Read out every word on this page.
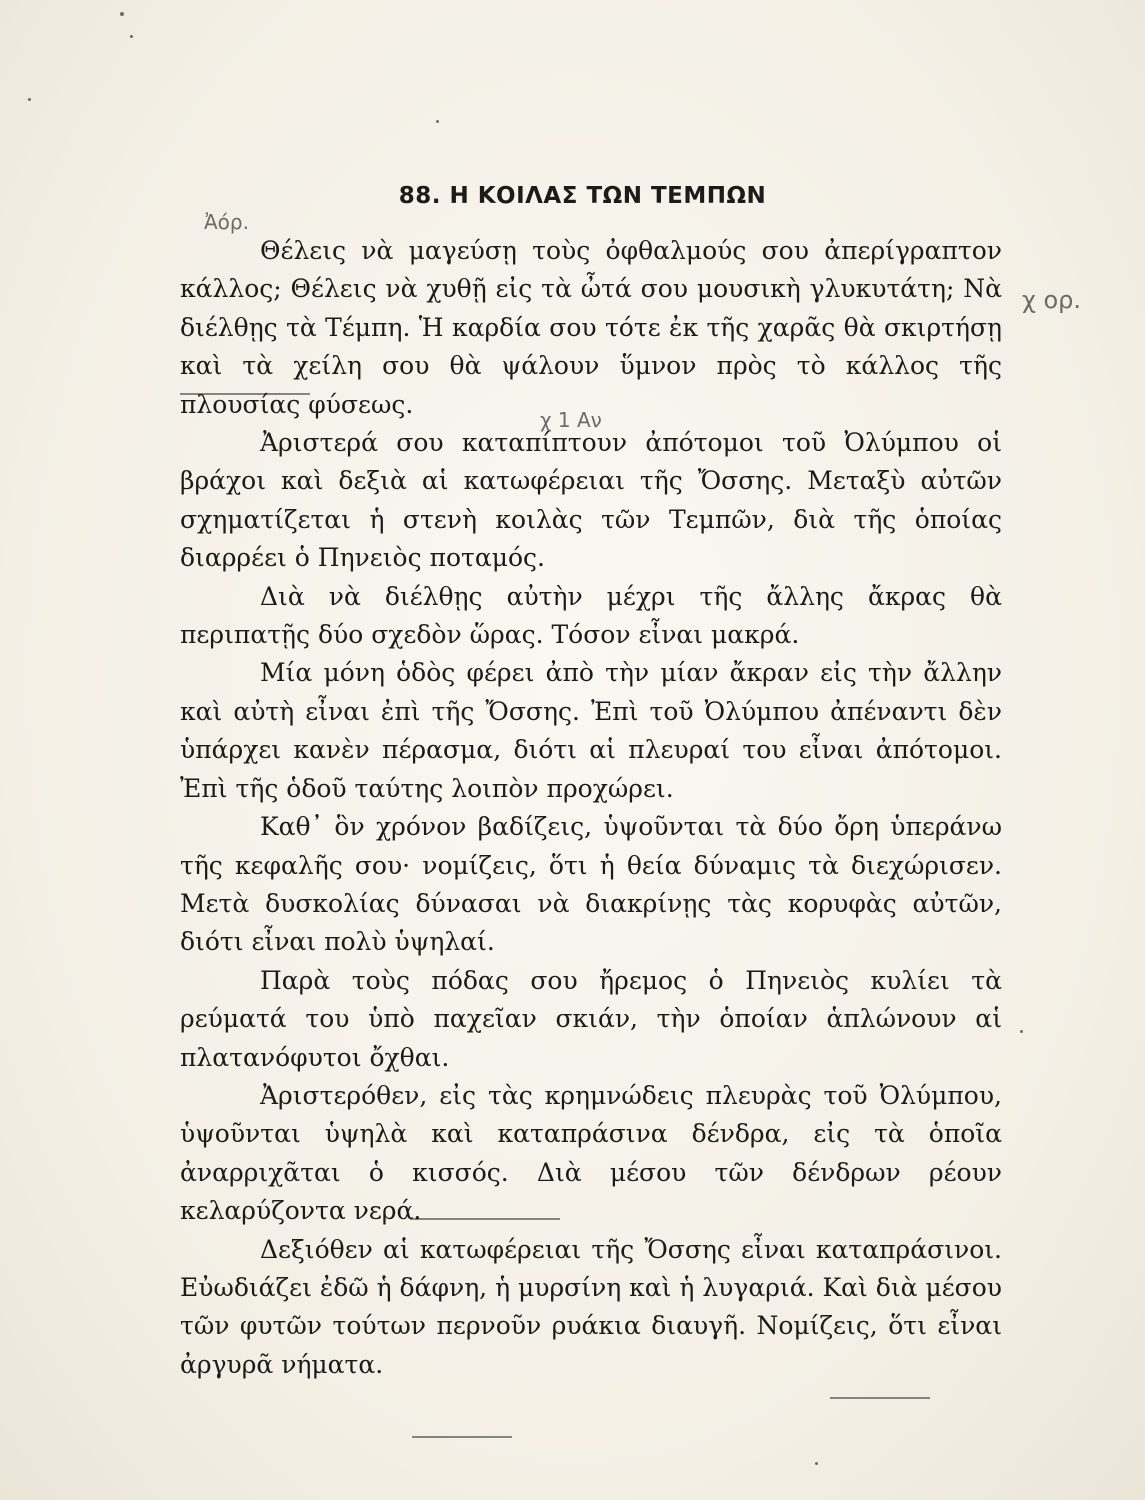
Ἀόρ.
χ ορ.
χ 1 Αν
88. Η ΚΟΙΛΑΣ ΤΩΝ ΤΕΜΠΩΝ

Θέλεις νὰ μαγεύσῃ τοὺς ὀφθαλμούς σου ἀπερίγραπτον κάλλος; Θέλεις νὰ χυθῇ εἰς τὰ ὦτά σου μουσικὴ γλυκυτάτη; Νὰ διέλθῃς τὰ Τέμπη. Ἡ καρδία σου τότε ἐκ τῆς χαρᾶς θὰ σκιρτήσῃ καὶ τὰ χείλη σου θὰ ψάλουν ὕμνον πρὸς τὸ κάλλος τῆς πλουσίας φύσεως.

Ἀριστερά σου καταπίπτουν ἀπότομοι τοῦ Ὀλύμπου οἱ βράχοι καὶ δεξιὰ αἱ κατωφέρειαι τῆς Ὄσσης. Μεταξὺ αὐτῶν σχηματίζεται ἡ στενὴ κοιλὰς τῶν Τεμπῶν, διὰ τῆς ὁποίας διαρρέει ὁ Πηνειὸς ποταμός.

Διὰ νὰ διέλθῃς αὐτὴν μέχρι τῆς ἄλλης ἄκρας θὰ περιπατῇς δύο σχεδὸν ὥρας. Τόσον εἶναι μακρά.

Μία μόνη ὁδὸς φέρει ἀπὸ τὴν μίαν ἄκραν εἰς τὴν ἄλλην καὶ αὐτὴ εἶναι ἐπὶ τῆς Ὄσσης. Ἐπὶ τοῦ Ὀλύμπου ἀπέναντι δὲν ὑπάρχει κανὲν πέρασμα, διότι αἱ πλευραί του εἶναι ἀπότομοι. Ἐπὶ τῆς ὁδοῦ ταύτης λοιπὸν προχώρει.

Καθ᾿ ὃν χρόνον βαδίζεις, ὑψοῦνται τὰ δύο ὄρη ὑπεράνω τῆς κεφαλῆς σου· νομίζεις, ὅτι ἡ θεία δύναμις τὰ διεχώρισεν. Μετὰ δυσκολίας δύνασαι νὰ διακρίνῃς τὰς κορυφὰς αὐτῶν, διότι εἶναι πολὺ ὑψηλαί.

Παρὰ τοὺς πόδας σου ἤρεμος ὁ Πηνειὸς κυλίει τὰ ρεύματά του ὑπὸ παχεῖαν σκιάν, τὴν ὁποίαν ἁπλώνουν αἱ πλατανόφυτοι ὄχθαι.

Ἀριστερόθεν, εἰς τὰς κρημνώδεις πλευρὰς τοῦ Ὀλύμπου, ὑψοῦνται ὑψηλὰ καὶ καταπράσινα δένδρα, εἰς τὰ ὁποῖα ἀναρριχᾶται ὁ κισσός. Διὰ μέσου τῶν δένδρων ρέουν κελαρύζοντα νερά.

Δεξιόθεν αἱ κατωφέρειαι τῆς Ὄσσης εἶναι καταπράσινοι. Εὐωδιάζει ἐδῶ ἡ δάφνη, ἡ μυρσίνη καὶ ἡ λυγαριά. Καὶ διὰ μέσου τῶν φυτῶν τούτων περνοῦν ρυάκια διαυγῆ. Νομίζεις, ὅτι εἶναι ἀργυρᾶ νήματα.
